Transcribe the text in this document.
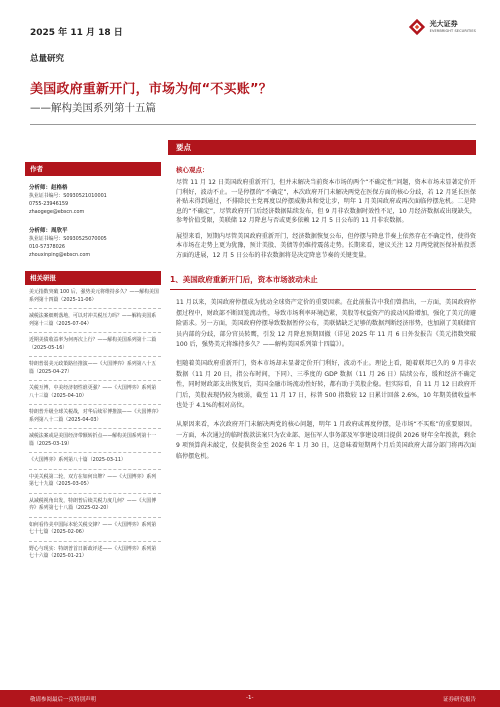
2025 年 11 月 18 日
光大证券
EVERBRIGHT SECURITIES
总量研究
美国政府重新开门，市场为何“不买账”？
——解构美国系列第十五篇
作者
分析师：赵格格
执业证书编号：S0930521010001
0755-23946159
zhaogege@ebscn.com
分析师：周欣平
执业证书编号：S0930525070005
010-57378026
zhouxinping@ebscn.com
相关研报
美元指数突破 100 后，强势美元将维持多久？——解构美国系列第十四篇（2025-11-06）
减税法案细则落地，可以对冲关税压力吗？——解构美国系列第十三篇（2025-07-04）
近期美债收益率为何再次上行？——解构美国系列第十二篇（2025-05-16）
特朗普弱美元政策路径推演——《大国博弈》系列第八十五篇（2025-04-27）
关税互博，中美经济韧性谁更强？——《大国博弈》系列第八十三篇（2025-04-10）
特朗普升级全球关税战，对华后续军博推演——《大国博弈》系列第八十二篇（2025-04-03）
减税法案或是美国经济带额转折点——解构美国系列第十一篇（2025-03-19）
《大国博弈》系列第八十篇（2025-03-11）
中美关税第二轮，双方在如何出牌？——《大国博弈》系列第七十九篇（2025-03-05）
从减税视角出发，特朗普后续关税力度几何？——《大国博弈》系列第七十八篇（2025-02-20）
如何看待美中国际本轮关税交锋？——《大国博弈》系列第七十七篇（2025-02-06）
野心与现实：特朗普首日新政评述——《大国博弈》系列第七十六篇（2025-01-21）
要点
核心观点：

尽管 11 月 12 日美国政府重新开门，但并未解决当前资本市场的两个“不确定性”问题，资本市场未显著定价开门利好，波动不止。一是停摆的“不确定”，本次政府开门未解决两党在医保方面的核心分歧，若 12 月延长医保补贴未得到通过，不排除民主党再度以停摆威胁共和党让步，明年 1 月美国政府或再次面临停摆危机。二是降息的“不确定”，尽管政府开门后经济数据陆续发布，但 9 月非农数据时效性不足，10 月经济数据或出现缺失，参考价值受限，美联储 12 月降息与否或更多依赖 12 月 5 日公布的 11 月非农数据。

展望来看，短期内尽管美国政府重新开门，经济数据恢复公布，但停摆与降息节奏上依然存在不确定性，使得资本市场在走势上更为犹豫，预计美股、美债等仍维持震荡走势。长期来看，建议关注 12 月两党就医保补贴投票方面的进展，12 月 5 日公布的非农数据将是决定降息节奏的关键变量。

1、美国政府重新开门后，资本市场波动未止

11 月以来，美国政府停摆成为扰动全球资产定价的重要因素。在此前报告中我们曾指出，一方面，美国政府停摆过程中，财政部不断回笼流动性，导致市场利率环境趋紧，美股等权益资产的波动风险增加，强化了美元的避险需求。另一方面，美国政府停摆导致数据暂停公布，美联储缺乏足够的数据判断经济形势，也加剧了美联储官员内部的分歧，部分官员转鹰，引发 12 月降息预期回撤（详见 2025 年 11 月 6 日外发报告《美元指数突破 100 后，强势美元将维持多久？——解构美国系列第十四篇》）。

但随着美国政府重新开门，资本市场却未显著定价开门利好，波动不止。理论上看，随着联邦已久的 9 月非农数据（11 月 20 日，指公布时间，下同）、三季度的 GDP 数据（11 月 26 日）陆续公布，缓和经济不确定性，同时财政部支出恢复后，美国金融市场流动性好转，都有助于美股企稳。但实际看，自 11 月 12 日政府开门后，美股表现仍较为疲弱，截至 11 月 17 日，标普 500 指数较 12 日累计回落 2.6%，10 年期美债收益率也处于 4.1%的相对高位。

从原因来看，本次政府开门未解决两党的核心问题，明年 1 月政府或再度停摆，是市场“不买账”的重要原因。一方面，本次通过的临时拨款法案只为农业部、退伍军人事务部及军事建设项目提供 2026 财年全年拨款，剩余 9 项预算尚未敲定，仅提供资金至 2026 年 1 月 30 日，这意味着短期两个月后美国政府大部分部门将再次面临停摆危机。

敬请参阅最后一页特别声明	-1-	证券研究报告
